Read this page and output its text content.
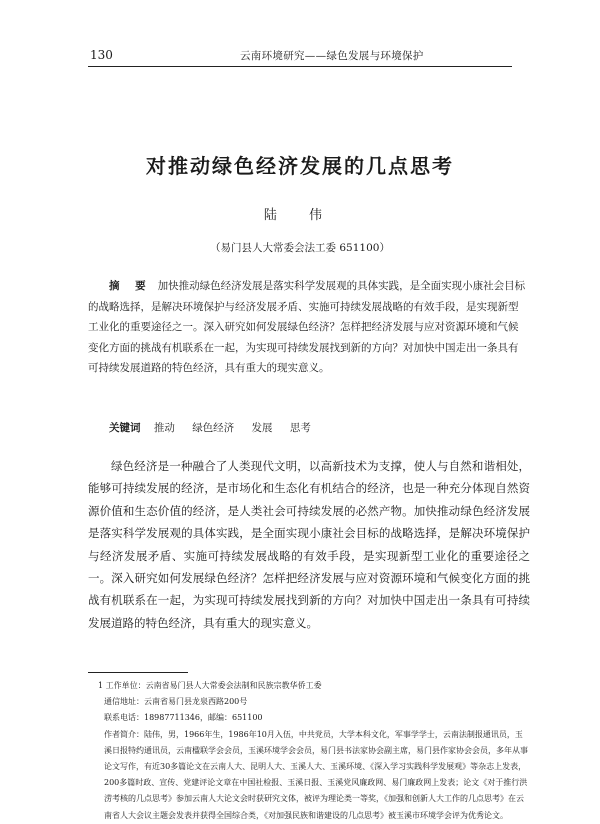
130	云南环境研究——绿色发展与环境保护
对推动绿色经济发展的几点思考
陆 伟
（易门县人大常委会法工委 651100）
摘 要 加快推动绿色经济发展是落实科学发展观的具体实践，是全面实现小康社会目标的战略选择，是解决环境保护与经济发展矛盾、实施可持续发展战略的有效手段，是实现新型工业化的重要途径之一。深入研究如何发展绿色经济？怎样把经济发展与应对资源环境和气候变化方面的挑战有机联系在一起，为实现可持续发展找到新的方向？对加快中国走出一条具有可持续发展道路的特色经济，具有重大的现实意义。
关键词 推动 绿色经济 发展 思考
绿色经济是一种融合了人类现代文明，以高新技术为支撑，使人与自然和谐相处，能够可持续发展的经济，是市场化和生态化有机结合的经济，也是一种充分体现自然资源价值和生态价值的经济，是人类社会可持续发展的必然产物。加快推动绿色经济发展是落实科学发展观的具体实践，是全面实现小康社会目标的战略选择，是解决环境保护与经济发展矛盾、实施可持续发展战略的有效手段，是实现新型工业化的重要途径之一。深入研究如何发展绿色经济？怎样把经济发展与应对资源环境和气候变化方面的挑战有机联系在一起，为实现可持续发展找到新的方向？对加快中国走出一条具有可持续发展道路的特色经济，具有重大的现实意义。
1 工作单位：云南省易门县人大常委会法制和民族宗教华侨工委
通信地址：云南省易门县龙泉西路200号
联系电话：18987711346，邮编：651100
作者简介：陆伟，男，1966年生，1986年10月入伍，中共党员，大学本科文化，军事学学士，云南法制报通讯员，玉溪日报特约通讯员，云南楹联学会会员，玉溪环境学会会员，易门县书法家协会副主席，易门县作家协会会员，多年从事论文写作，有近30多篇论文在云南人大、昆明人大、玉溪人大、玉溪环境、《深入学习实践科学发展观》等杂志上发表，200多篇时政、宣传、党建评论文章在中国社检报、玉溪日报、玉溪党风廉政网、易门廉政网上发表；论文《对于推行洪涝考核的几点思考》参加云南人大论文会时获研究文体，被评为理论类一等奖，《加强和创新人大工作的几点思考》在云南省人大会议主题会发表并获得全国综合类，《对加强民族和谐建设的几点思考》被玉溪市环境学会评为优秀论文。
